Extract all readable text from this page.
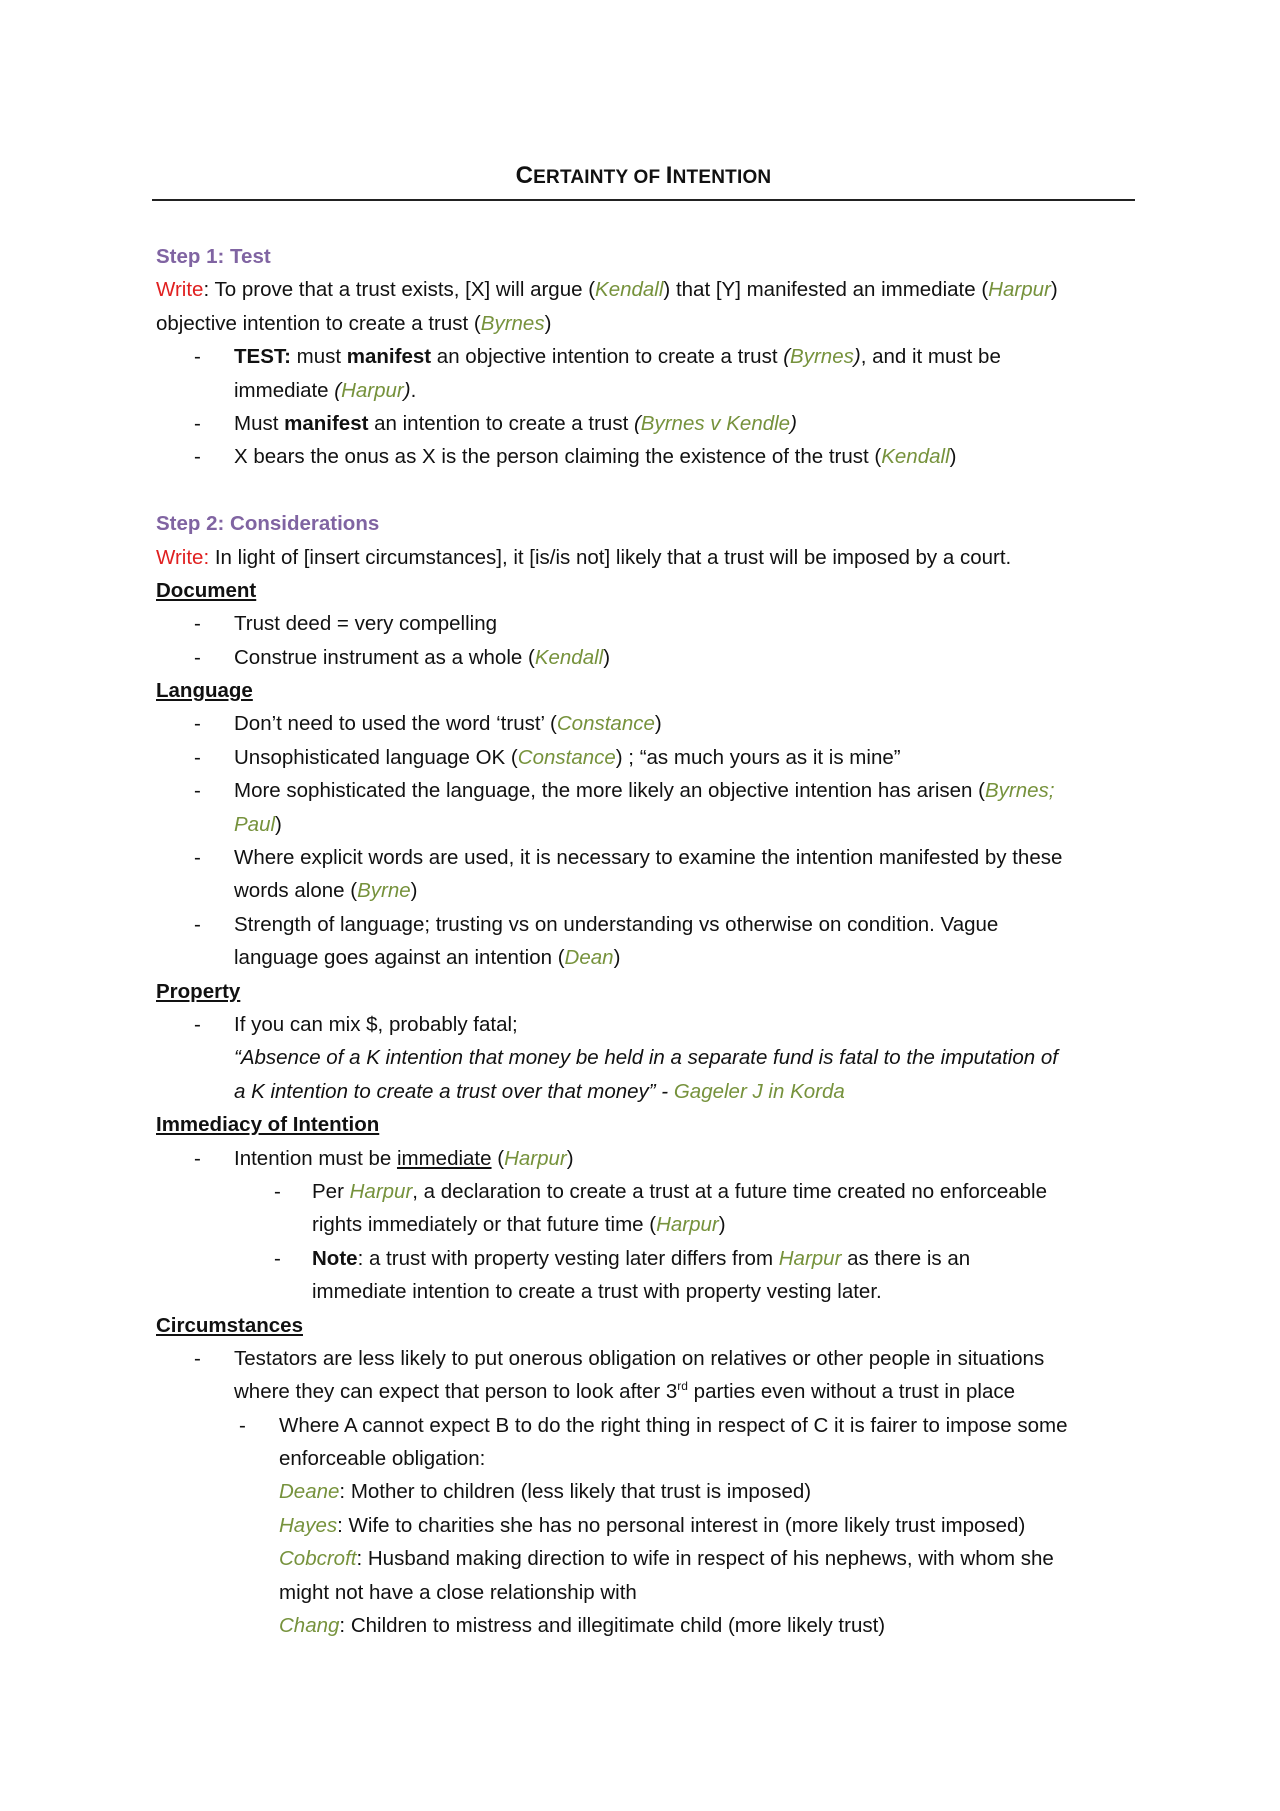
CERTAINTY OF INTENTION
Step 1: Test
Write: To prove that a trust exists, [X] will argue (Kendall) that [Y] manifested an immediate (Harpur)
objective intention to create a trust (Byrnes)
- TEST: must manifest an objective intention to create a trust (Byrnes), and it must be
immediate (Harpur).
- Must manifest an intention to create a trust (Byrnes v Kendle)
- X bears the onus as X is the person claiming the existence of the trust (Kendall)
Step 2: Considerations
Write: In light of [insert circumstances], it [is/is not] likely that a trust will be imposed by a court.
Document
- Trust deed = very compelling
- Construe instrument as a whole (Kendall)
Language
- Don’t need to used the word ‘trust’ (Constance)
- Unsophisticated language OK (Constance) ; “as much yours as it is mine”
- More sophisticated the language, the more likely an objective intention has arisen (Byrnes;
Paul)
- Where explicit words are used, it is necessary to examine the intention manifested by these
words alone (Byrne)
- Strength of language; trusting vs on understanding vs otherwise on condition. Vague
language goes against an intention (Dean)
Property
- If you can mix $, probably fatal;
“Absence of a K intention that money be held in a separate fund is fatal to the imputation of
a K intention to create a trust over that money” - Gageler J in Korda
Immediacy of Intention
- Intention must be immediate (Harpur)
- Per Harpur, a declaration to create a trust at a future time created no enforceable
rights immediately or that future time (Harpur)
- Note: a trust with property vesting later differs from Harpur as there is an
immediate intention to create a trust with property vesting later.
Circumstances
- Testators are less likely to put onerous obligation on relatives or other people in situations
where they can expect that person to look after 3rd parties even without a trust in place
- Where A cannot expect B to do the right thing in respect of C it is fairer to impose some
enforceable obligation:
Deane: Mother to children (less likely that trust is imposed)
Hayes: Wife to charities she has no personal interest in (more likely trust imposed)
Cobcroft: Husband making direction to wife in respect of his nephews, with whom she
might not have a close relationship with
Chang: Children to mistress and illegitimate child (more likely trust)
